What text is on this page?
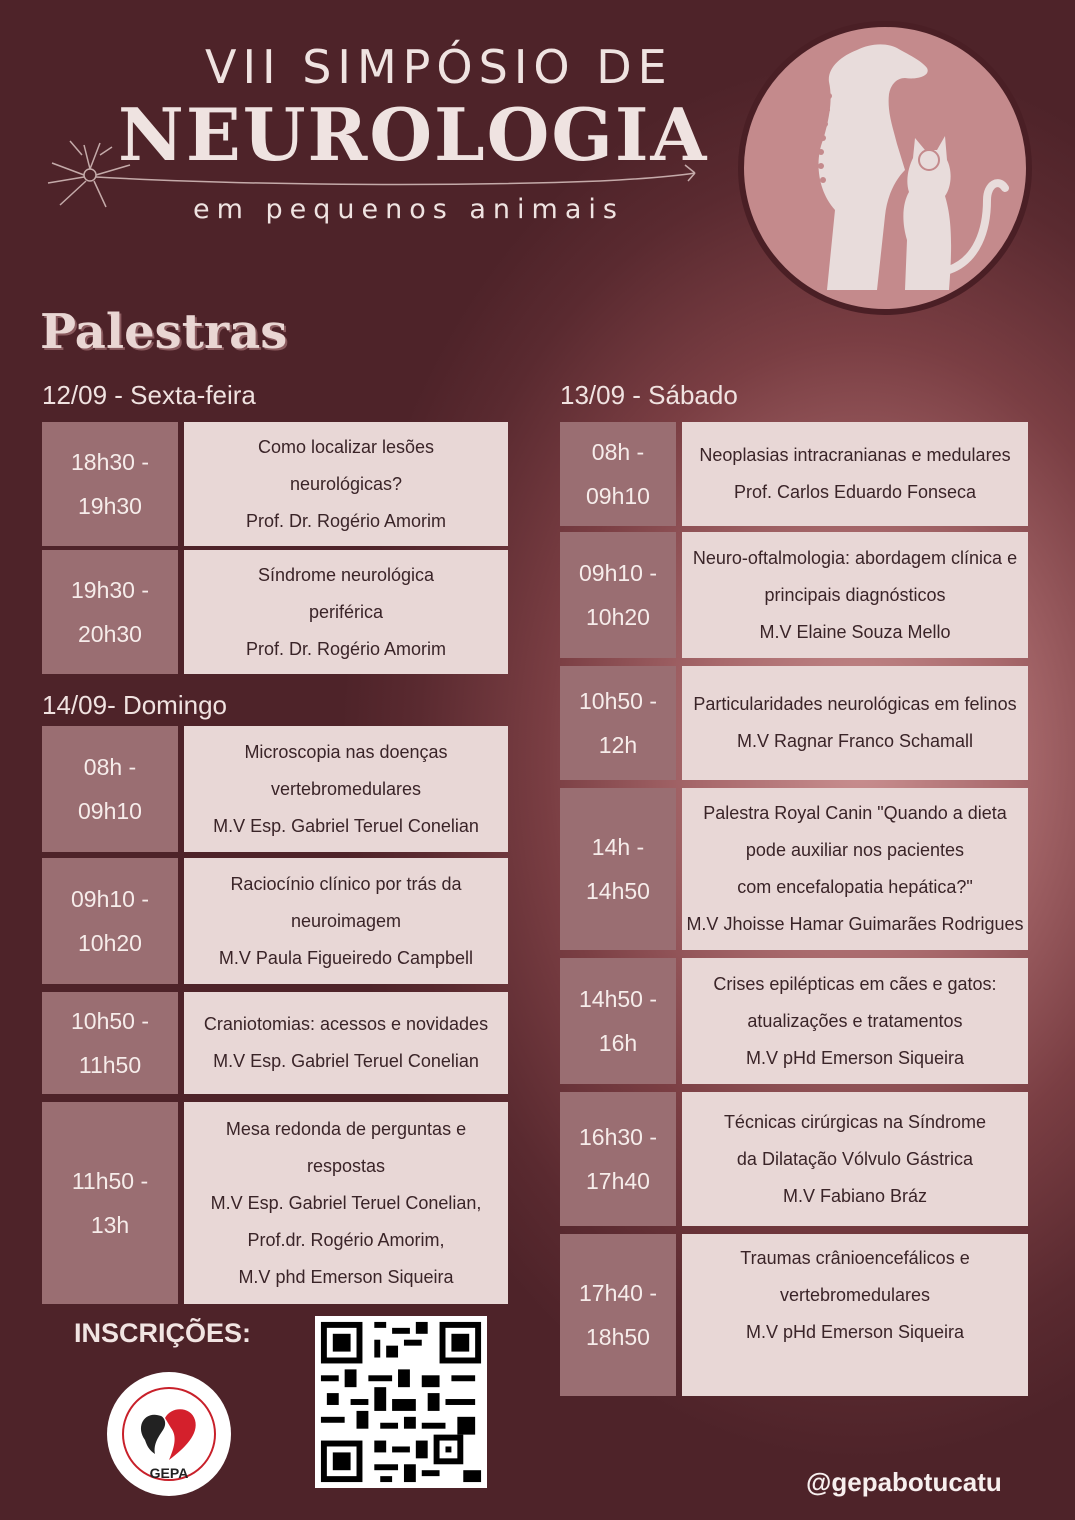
VII SIMPÓSIO DE
NEUROLOGIA
em pequenos animais
Palestras
12/09 - Sexta-feira	13/09 - Sábado
14/09- Domingo
18h30 -
19h30
Como localizar lesões
neurológicas?
Prof. Dr. Rogério Amorim
19h30 -
20h30
Síndrome neurológica
periférica
Prof. Dr. Rogério Amorim
08h -
09h10
Microscopia nas doenças
vertebromedulares
M.V Esp. Gabriel Teruel Conelian
09h10 -
10h20
Raciocínio clínico por trás da
neuroimagem
M.V Paula Figueiredo Campbell
10h50 -
11h50
Craniotomias: acessos e novidades
M.V Esp. Gabriel Teruel Conelian
11h50 -
13h
Mesa redonda de perguntas e
respostas
M.V Esp. Gabriel Teruel Conelian,
Prof.dr. Rogério Amorim,
M.V phd Emerson Siqueira
08h -
09h10
Neoplasias intracranianas e medulares
Prof. Carlos Eduardo Fonseca
09h10 -
10h20
Neuro-oftalmologia: abordagem clínica e
principais diagnósticos
M.V Elaine Souza Mello
10h50 -
12h
Particularidades neurológicas em felinos
M.V Ragnar Franco Schamall
14h -
14h50
Palestra Royal Canin "Quando a dieta
pode auxiliar nos pacientes
com encefalopatia hepática?"
M.V Jhoisse Hamar Guimarães Rodrigues
14h50 -
16h
Crises epilépticas em cães e gatos:
atualizações e tratamentos
M.V pHd Emerson Siqueira
16h30 -
17h40
Técnicas cirúrgicas na Síndrome
da Dilatação Vólvulo Gástrica
M.V Fabiano Bráz
17h40 -
18h50
Traumas crânioencefálicos e
vertebromedulares
M.V pHd Emerson Siqueira
INSCRIÇÕES:
GEPA	@gepabotucatu
